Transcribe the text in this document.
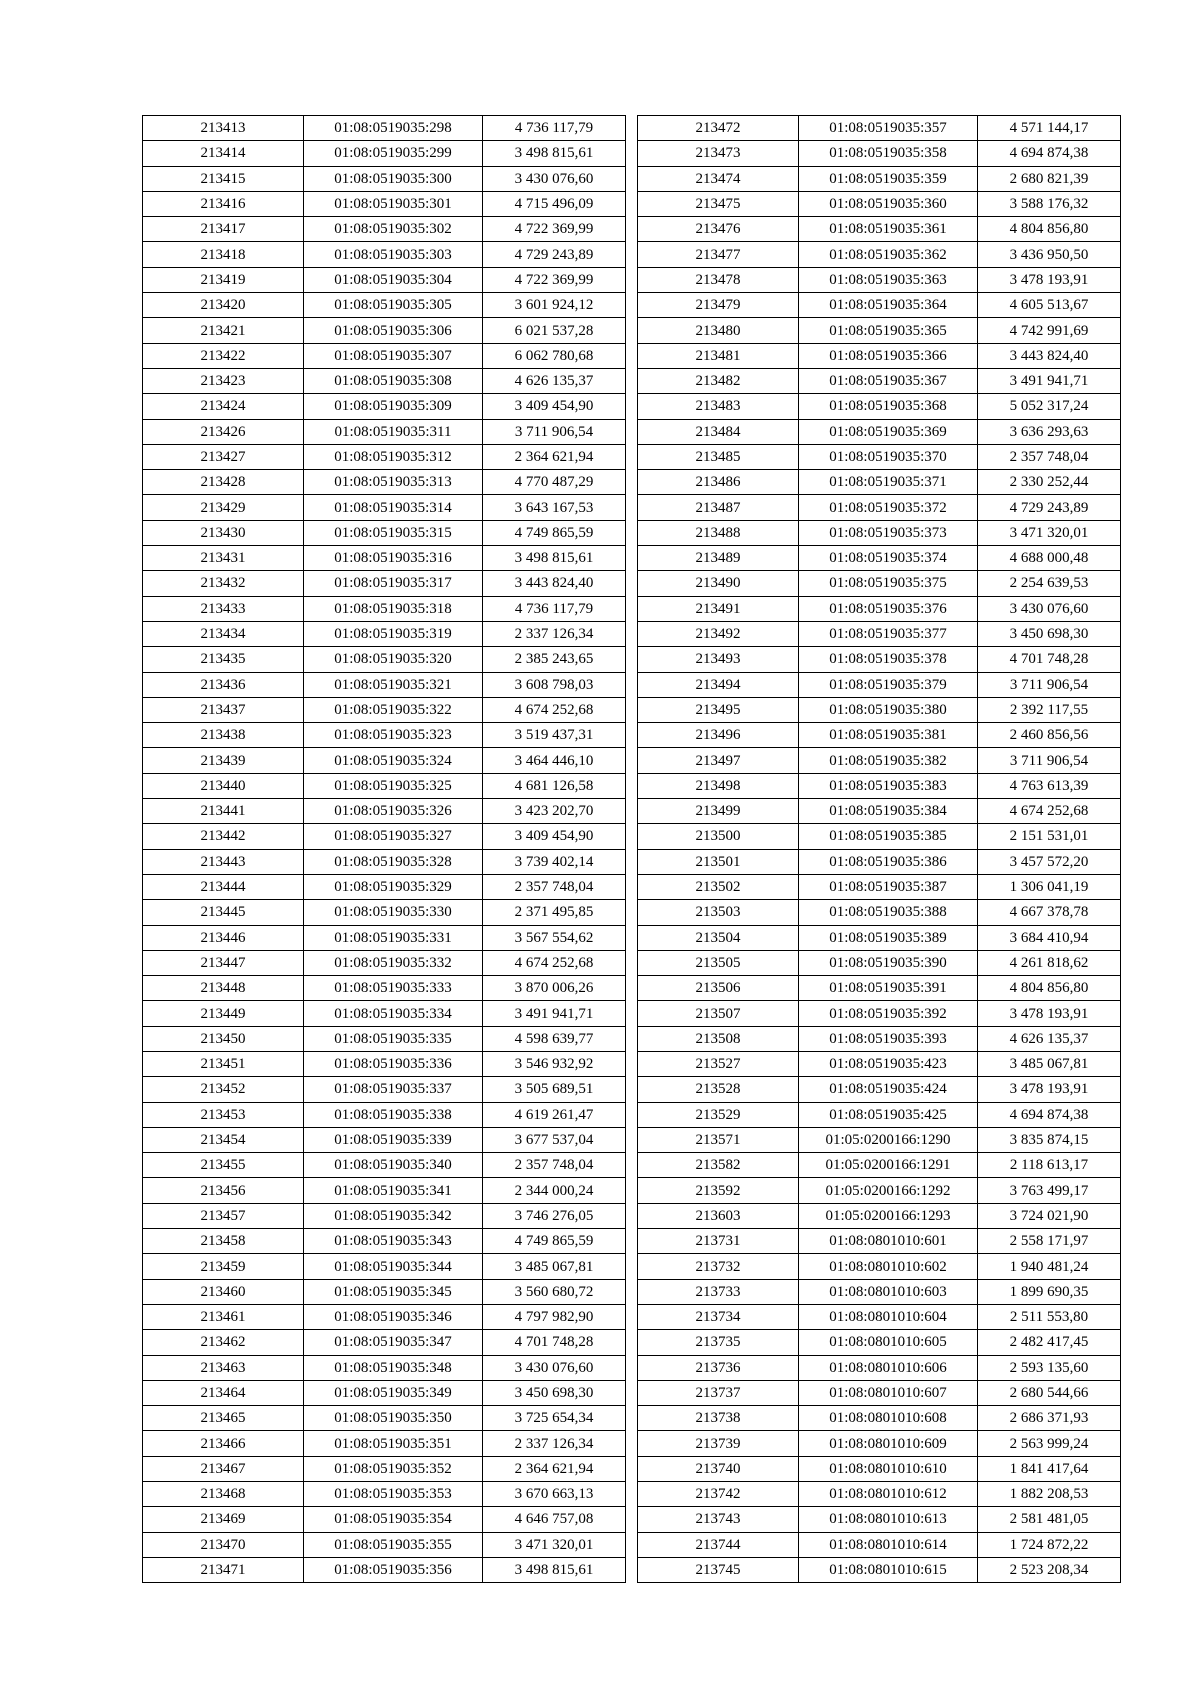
213413	01:08:0519035:298	4 736 117,79
213414	01:08:0519035:299	3 498 815,61
213415	01:08:0519035:300	3 430 076,60
213416	01:08:0519035:301	4 715 496,09
213417	01:08:0519035:302	4 722 369,99
213418	01:08:0519035:303	4 729 243,89
213419	01:08:0519035:304	4 722 369,99
213420	01:08:0519035:305	3 601 924,12
213421	01:08:0519035:306	6 021 537,28
213422	01:08:0519035:307	6 062 780,68
213423	01:08:0519035:308	4 626 135,37
213424	01:08:0519035:309	3 409 454,90
213426	01:08:0519035:311	3 711 906,54
213427	01:08:0519035:312	2 364 621,94
213428	01:08:0519035:313	4 770 487,29
213429	01:08:0519035:314	3 643 167,53
213430	01:08:0519035:315	4 749 865,59
213431	01:08:0519035:316	3 498 815,61
213432	01:08:0519035:317	3 443 824,40
213433	01:08:0519035:318	4 736 117,79
213434	01:08:0519035:319	2 337 126,34
213435	01:08:0519035:320	2 385 243,65
213436	01:08:0519035:321	3 608 798,03
213437	01:08:0519035:322	4 674 252,68
213438	01:08:0519035:323	3 519 437,31
213439	01:08:0519035:324	3 464 446,10
213440	01:08:0519035:325	4 681 126,58
213441	01:08:0519035:326	3 423 202,70
213442	01:08:0519035:327	3 409 454,90
213443	01:08:0519035:328	3 739 402,14
213444	01:08:0519035:329	2 357 748,04
213445	01:08:0519035:330	2 371 495,85
213446	01:08:0519035:331	3 567 554,62
213447	01:08:0519035:332	4 674 252,68
213448	01:08:0519035:333	3 870 006,26
213449	01:08:0519035:334	3 491 941,71
213450	01:08:0519035:335	4 598 639,77
213451	01:08:0519035:336	3 546 932,92
213452	01:08:0519035:337	3 505 689,51
213453	01:08:0519035:338	4 619 261,47
213454	01:08:0519035:339	3 677 537,04
213455	01:08:0519035:340	2 357 748,04
213456	01:08:0519035:341	2 344 000,24
213457	01:08:0519035:342	3 746 276,05
213458	01:08:0519035:343	4 749 865,59
213459	01:08:0519035:344	3 485 067,81
213460	01:08:0519035:345	3 560 680,72
213461	01:08:0519035:346	4 797 982,90
213462	01:08:0519035:347	4 701 748,28
213463	01:08:0519035:348	3 430 076,60
213464	01:08:0519035:349	3 450 698,30
213465	01:08:0519035:350	3 725 654,34
213466	01:08:0519035:351	2 337 126,34
213467	01:08:0519035:352	2 364 621,94
213468	01:08:0519035:353	3 670 663,13
213469	01:08:0519035:354	4 646 757,08
213470	01:08:0519035:355	3 471 320,01
213471	01:08:0519035:356	3 498 815,61
213472	01:08:0519035:357	4 571 144,17
213473	01:08:0519035:358	4 694 874,38
213474	01:08:0519035:359	2 680 821,39
213475	01:08:0519035:360	3 588 176,32
213476	01:08:0519035:361	4 804 856,80
213477	01:08:0519035:362	3 436 950,50
213478	01:08:0519035:363	3 478 193,91
213479	01:08:0519035:364	4 605 513,67
213480	01:08:0519035:365	4 742 991,69
213481	01:08:0519035:366	3 443 824,40
213482	01:08:0519035:367	3 491 941,71
213483	01:08:0519035:368	5 052 317,24
213484	01:08:0519035:369	3 636 293,63
213485	01:08:0519035:370	2 357 748,04
213486	01:08:0519035:371	2 330 252,44
213487	01:08:0519035:372	4 729 243,89
213488	01:08:0519035:373	3 471 320,01
213489	01:08:0519035:374	4 688 000,48
213490	01:08:0519035:375	2 254 639,53
213491	01:08:0519035:376	3 430 076,60
213492	01:08:0519035:377	3 450 698,30
213493	01:08:0519035:378	4 701 748,28
213494	01:08:0519035:379	3 711 906,54
213495	01:08:0519035:380	2 392 117,55
213496	01:08:0519035:381	2 460 856,56
213497	01:08:0519035:382	3 711 906,54
213498	01:08:0519035:383	4 763 613,39
213499	01:08:0519035:384	4 674 252,68
213500	01:08:0519035:385	2 151 531,01
213501	01:08:0519035:386	3 457 572,20
213502	01:08:0519035:387	1 306 041,19
213503	01:08:0519035:388	4 667 378,78
213504	01:08:0519035:389	3 684 410,94
213505	01:08:0519035:390	4 261 818,62
213506	01:08:0519035:391	4 804 856,80
213507	01:08:0519035:392	3 478 193,91
213508	01:08:0519035:393	4 626 135,37
213527	01:08:0519035:423	3 485 067,81
213528	01:08:0519035:424	3 478 193,91
213529	01:08:0519035:425	4 694 874,38
213571	01:05:0200166:1290	3 835 874,15
213582	01:05:0200166:1291	2 118 613,17
213592	01:05:0200166:1292	3 763 499,17
213603	01:05:0200166:1293	3 724 021,90
213731	01:08:0801010:601	2 558 171,97
213732	01:08:0801010:602	1 940 481,24
213733	01:08:0801010:603	1 899 690,35
213734	01:08:0801010:604	2 511 553,80
213735	01:08:0801010:605	2 482 417,45
213736	01:08:0801010:606	2 593 135,60
213737	01:08:0801010:607	2 680 544,66
213738	01:08:0801010:608	2 686 371,93
213739	01:08:0801010:609	2 563 999,24
213740	01:08:0801010:610	1 841 417,64
213742	01:08:0801010:612	1 882 208,53
213743	01:08:0801010:613	2 581 481,05
213744	01:08:0801010:614	1 724 872,22
213745	01:08:0801010:615	2 523 208,34
